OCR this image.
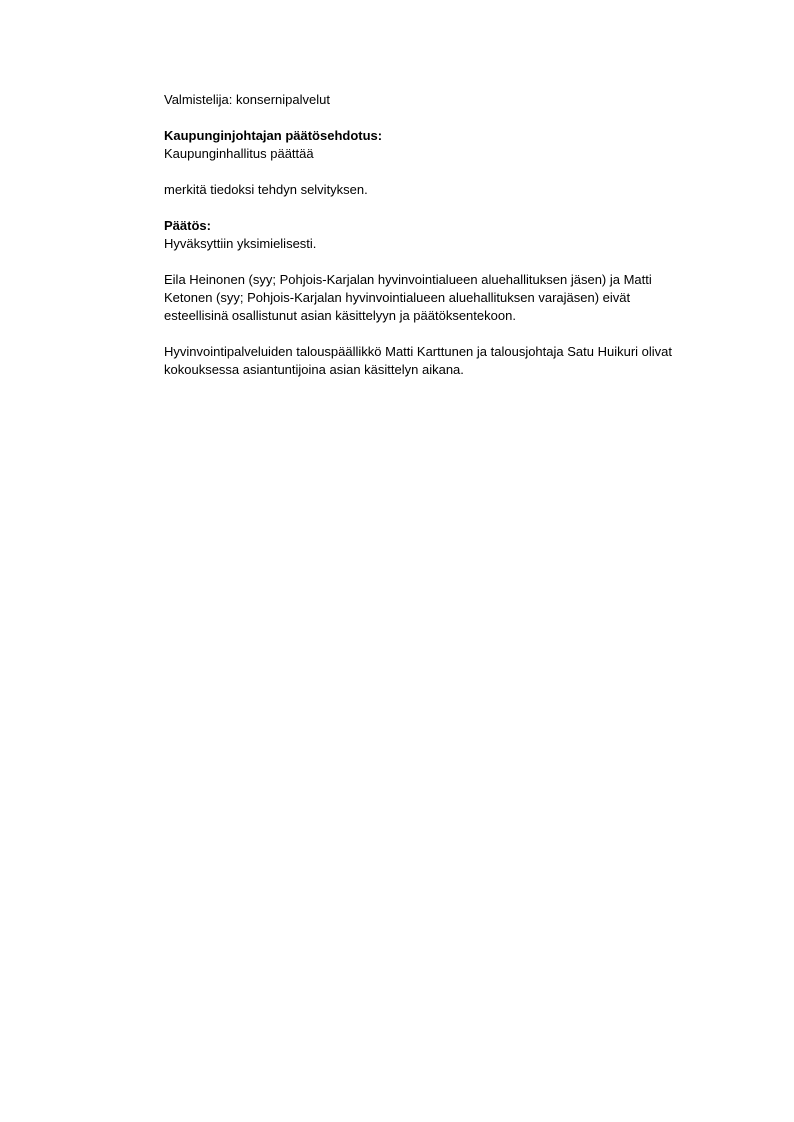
Valmistelija: konsernipalvelut
Kaupunginjohtajan päätösehdotus:
Kaupunginhallitus päättää
merkitä tiedoksi tehdyn selvityksen.
Päätös:
Hyväksyttiin yksimielisesti.
Eila Heinonen (syy; Pohjois-Karjalan hyvinvointialueen aluehallituksen jäsen) ja Matti
Ketonen (syy; Pohjois-Karjalan hyvinvointialueen aluehallituksen varajäsen) eivät
esteellisinä osallistunut asian käsittelyyn ja päätöksentekoon.
Hyvinvointipalveluiden talouspäällikkö Matti Karttunen ja talousjohtaja Satu Huikuri olivat
kokouksessa asiantuntijoina asian käsittelyn aikana.
